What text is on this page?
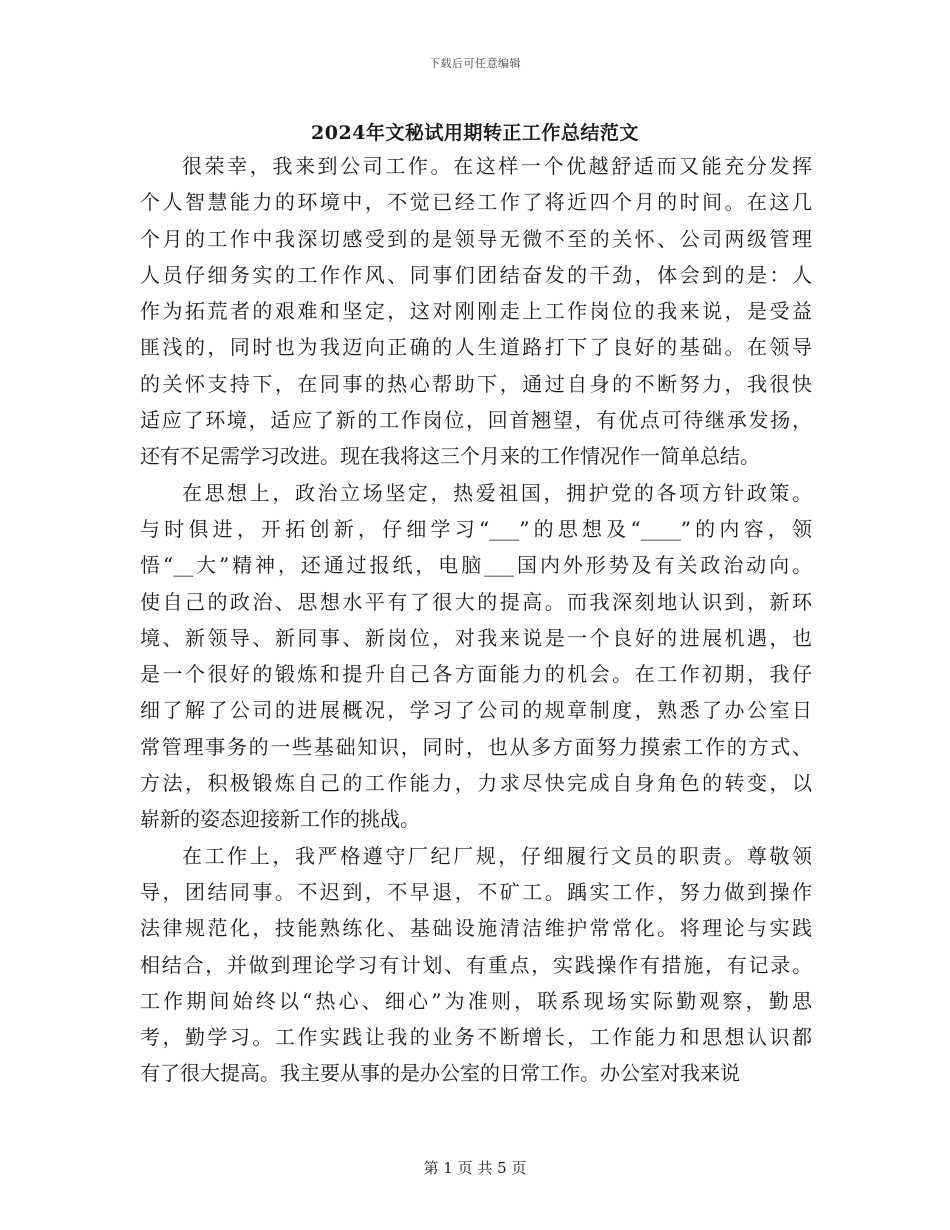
下载后可任意编辑
2024年文秘试用期转正工作总结范文
很荣幸，我来到公司工作。在这样一个优越舒适而又能充分发挥
个人智慧能力的环境中，不觉已经工作了将近四个月的时间。在这几
个月的工作中我深切感受到的是领导无微不至的关怀、公司两级管理
人员仔细务实的工作作风、同事们团结奋发的干劲，体会到的是：人
作为拓荒者的艰难和坚定，这对刚刚走上工作岗位的我来说，是受益
匪浅的，同时也为我迈向正确的人生道路打下了良好的基础。在领导
的关怀支持下，在同事的热心帮助下，通过自身的不断努力，我很快
适应了环境，适应了新的工作岗位，回首翘望，有优点可待继承发扬，
还有不足需学习改进。现在我将这三个月来的工作情况作一简单总结。
在思想上，政治立场坚定，热爱祖国，拥护党的各项方针政策。
与时俱进，开拓创新，仔细学习“___”的思想及“____”的内容，领
悟“__大”精神，还通过报纸，电脑___国内外形势及有关政治动向。
使自己的政治、思想水平有了很大的提高。而我深刻地认识到，新环
境、新领导、新同事、新岗位，对我来说是一个良好的进展机遇，也
是一个很好的锻炼和提升自己各方面能力的机会。在工作初期，我仔
细了解了公司的进展概况，学习了公司的规章制度，熟悉了办公室日
常管理事务的一些基础知识，同时，也从多方面努力摸索工作的方式、
方法，积极锻炼自己的工作能力，力求尽快完成自身角色的转变，以
崭新的姿态迎接新工作的挑战。
在工作上，我严格遵守厂纪厂规，仔细履行文员的职责。尊敬领
导，团结同事。不迟到，不早退，不矿工。踽实工作，努力做到操作
法律规范化，技能熟练化、基础设施清洁维护常常化。将理论与实践
相结合，并做到理论学习有计划、有重点，实践操作有措施，有记录。
工作期间始终以“热心、细心”为准则，联系现场实际勤观察，勤思
考，勤学习。工作实践让我的业务不断增长，工作能力和思想认识都
有了很大提高。我主要从事的是办公室的日常工作。办公室对我来说
第 1 页 共 5 页
